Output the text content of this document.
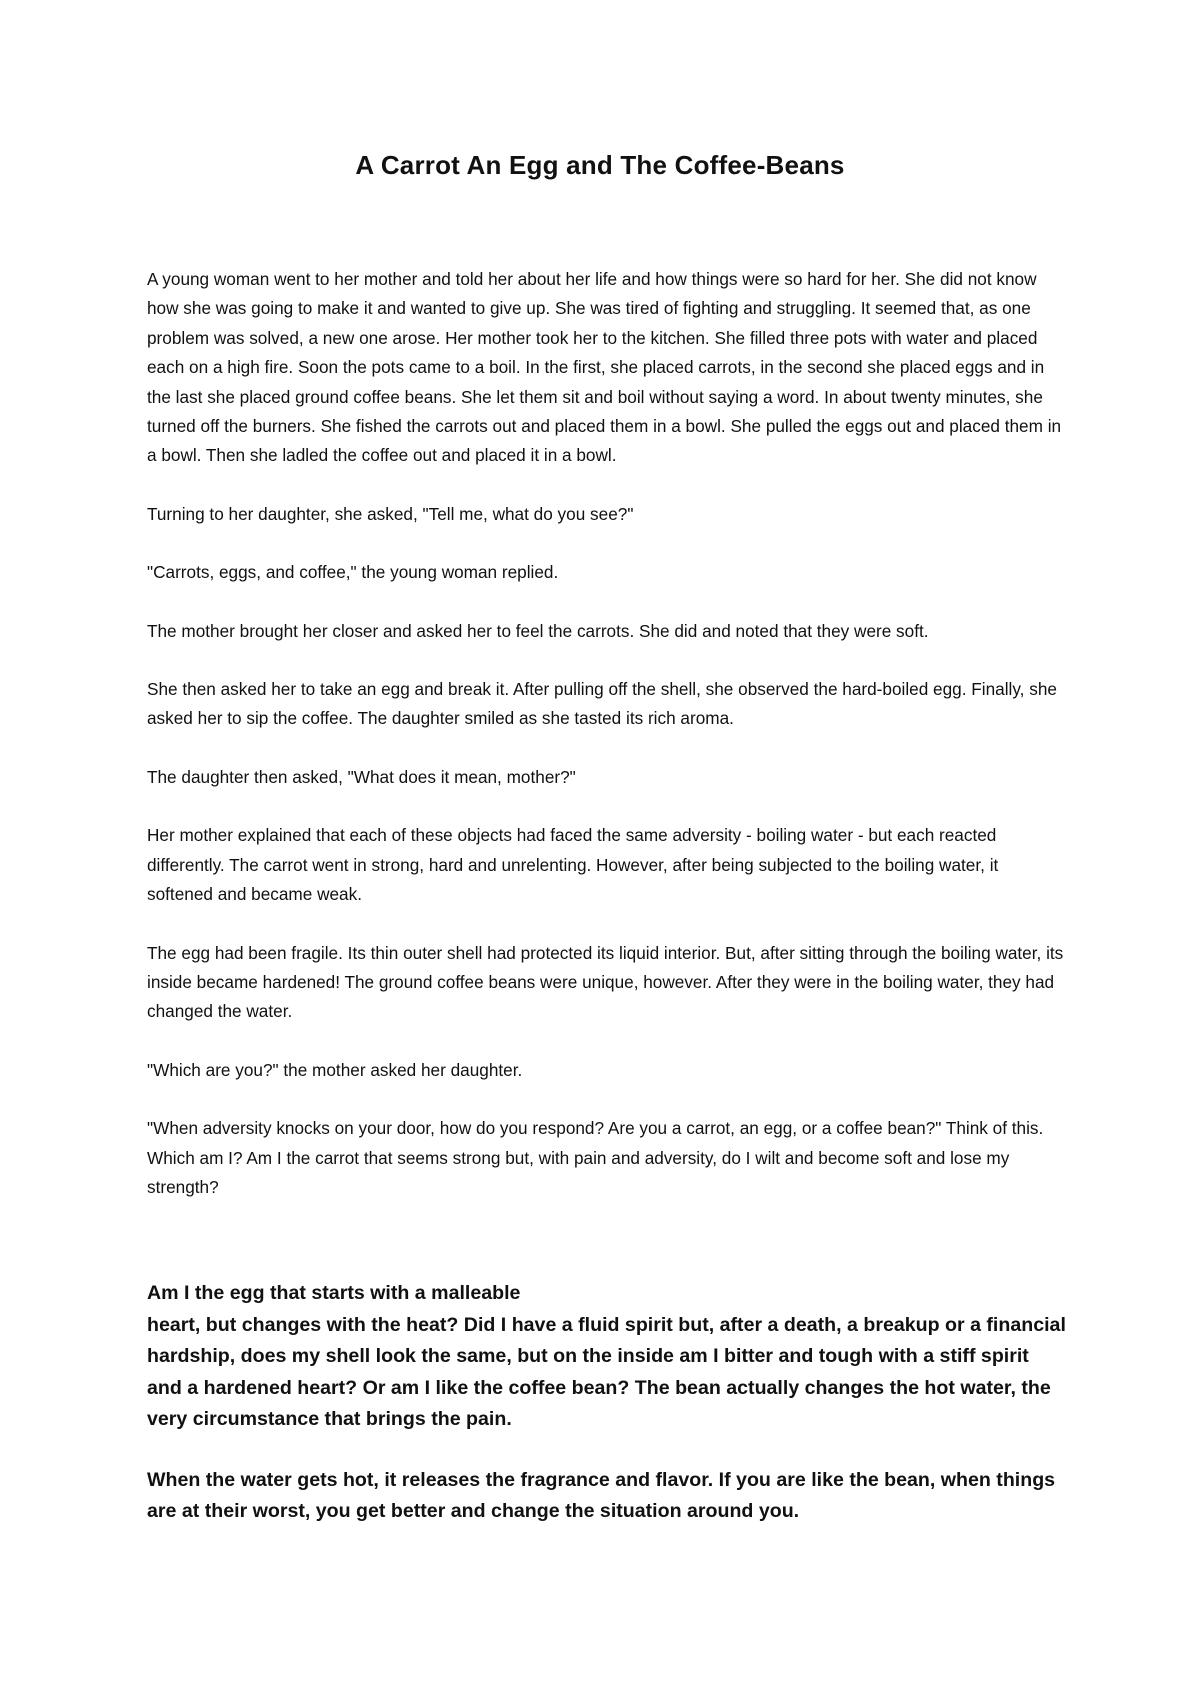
A Carrot An Egg and The Coffee-Beans

A young woman went to her mother and told her about her life and how things were so hard for her. She did not know how she was going to make it and wanted to give up. She was tired of fighting and struggling. It seemed that, as one problem was solved, a new one arose. Her mother took her to the kitchen. She filled three pots with water and placed each on a high fire. Soon the pots came to a boil. In the first, she placed carrots, in the second she placed eggs and in the last she placed ground coffee beans. She let them sit and boil without saying a word. In about twenty minutes, she turned off the burners. She fished the carrots out and placed them in a bowl. She pulled the eggs out and placed them in a bowl. Then she ladled the coffee out and placed it in a bowl.

Turning to her daughter, she asked, "Tell me, what do you see?"

"Carrots, eggs, and coffee," the young woman replied.

The mother brought her closer and asked her to feel the carrots. She did and noted that they were soft.

She then asked her to take an egg and break it. After pulling off the shell, she observed the hard-boiled egg. Finally, she asked her to sip the coffee. The daughter smiled as she tasted its rich aroma.

The daughter then asked, "What does it mean, mother?"

Her mother explained that each of these objects had faced the same adversity - boiling water - but each reacted differently. The carrot went in strong, hard and unrelenting. However, after being subjected to the boiling water, it softened and became weak.

The egg had been fragile. Its thin outer shell had protected its liquid interior. But, after sitting through the boiling water, its inside became hardened! The ground coffee beans were unique, however. After they were in the boiling water, they had changed the water.

"Which are you?" the mother asked her daughter.

"When adversity knocks on your door, how do you respond? Are you a carrot, an egg, or a coffee bean?" Think of this. Which am I? Am I the carrot that seems strong but, with pain and adversity, do I wilt and become soft and lose my strength?

Am I the egg that starts with a malleable
heart, but changes with the heat? Did I have a fluid spirit but, after a death, a breakup or a financial hardship, does my shell look the same, but on the inside am I bitter and tough with a stiff spirit and a hardened heart? Or am I like the coffee bean? The bean actually changes the hot water, the very circumstance that brings the pain.

When the water gets hot, it releases the fragrance and flavor. If you are like the bean, when things are at their worst, you get better and change the situation around you.
